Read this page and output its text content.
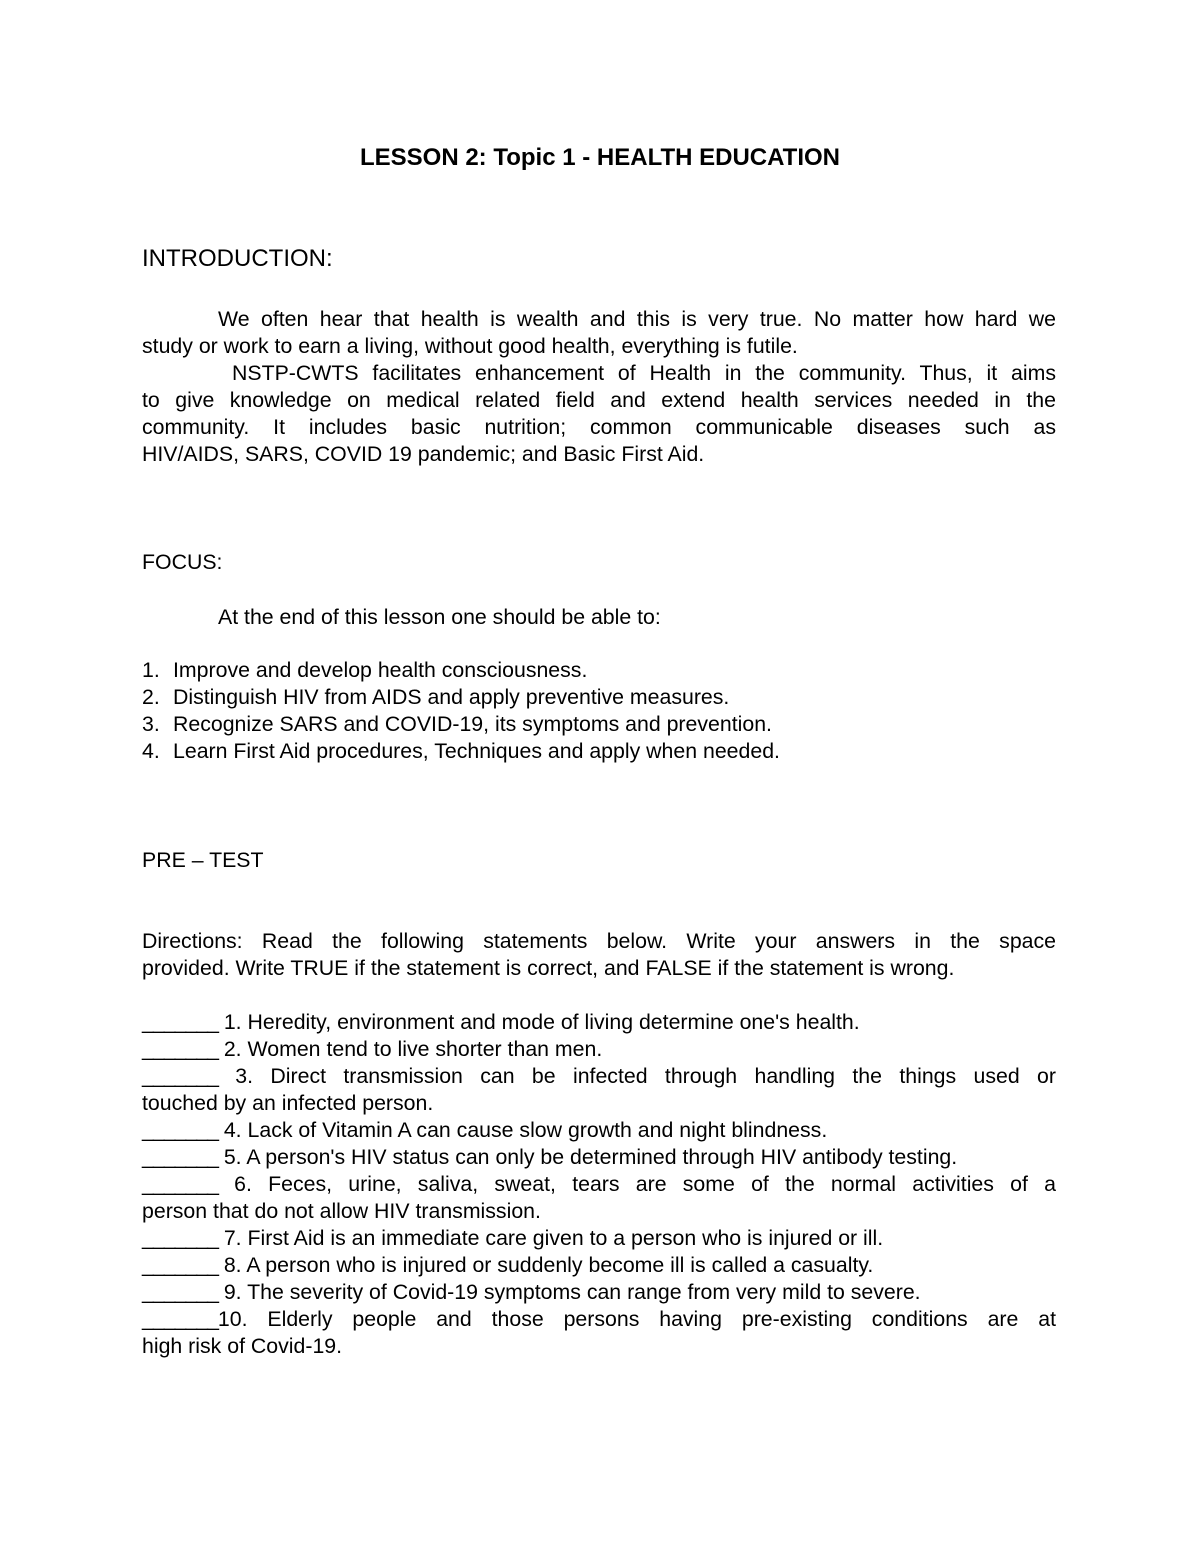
LESSON 2: Topic 1 - HEALTH EDUCATION
INTRODUCTION:
We often hear that health is wealth and this is very true. No matter how hard we
study or work to earn a living, without good health, everything is futile.
NSTP-CWTS facilitates enhancement of Health in the community. Thus, it aims
to give knowledge on medical related field and extend health services needed in the
community. It includes basic nutrition; common communicable diseases such as
HIV/AIDS, SARS, COVID 19 pandemic; and Basic First Aid.
FOCUS:
At the end of this lesson one should be able to:
1. Improve and develop health consciousness.
2. Distinguish HIV from AIDS and apply preventive measures.
3. Recognize SARS and COVID-19, its symptoms and prevention.
4. Learn First Aid procedures, Techniques and apply when needed.
PRE – TEST
Directions: Read the following statements below. Write your answers in the space
provided. Write TRUE if the statement is correct, and FALSE if the statement is wrong.
_______ 1. Heredity, environment and mode of living determine one's health.
_______ 2. Women tend to live shorter than men.
_______ 3. Direct transmission can be infected through handling the things used or
touched by an infected person.
_______ 4. Lack of Vitamin A can cause slow growth and night blindness.
_______ 5. A person's HIV status can only be determined through HIV antibody testing.
_______ 6. Feces, urine, saliva, sweat, tears are some of the normal activities of a
person that do not allow HIV transmission.
_______ 7. First Aid is an immediate care given to a person who is injured or ill.
_______ 8. A person who is injured or suddenly become ill is called a casualty.
_______ 9. The severity of Covid-19 symptoms can range from very mild to severe.
_______10. Elderly people and those persons having pre-existing conditions are at
high risk of Covid-19.
